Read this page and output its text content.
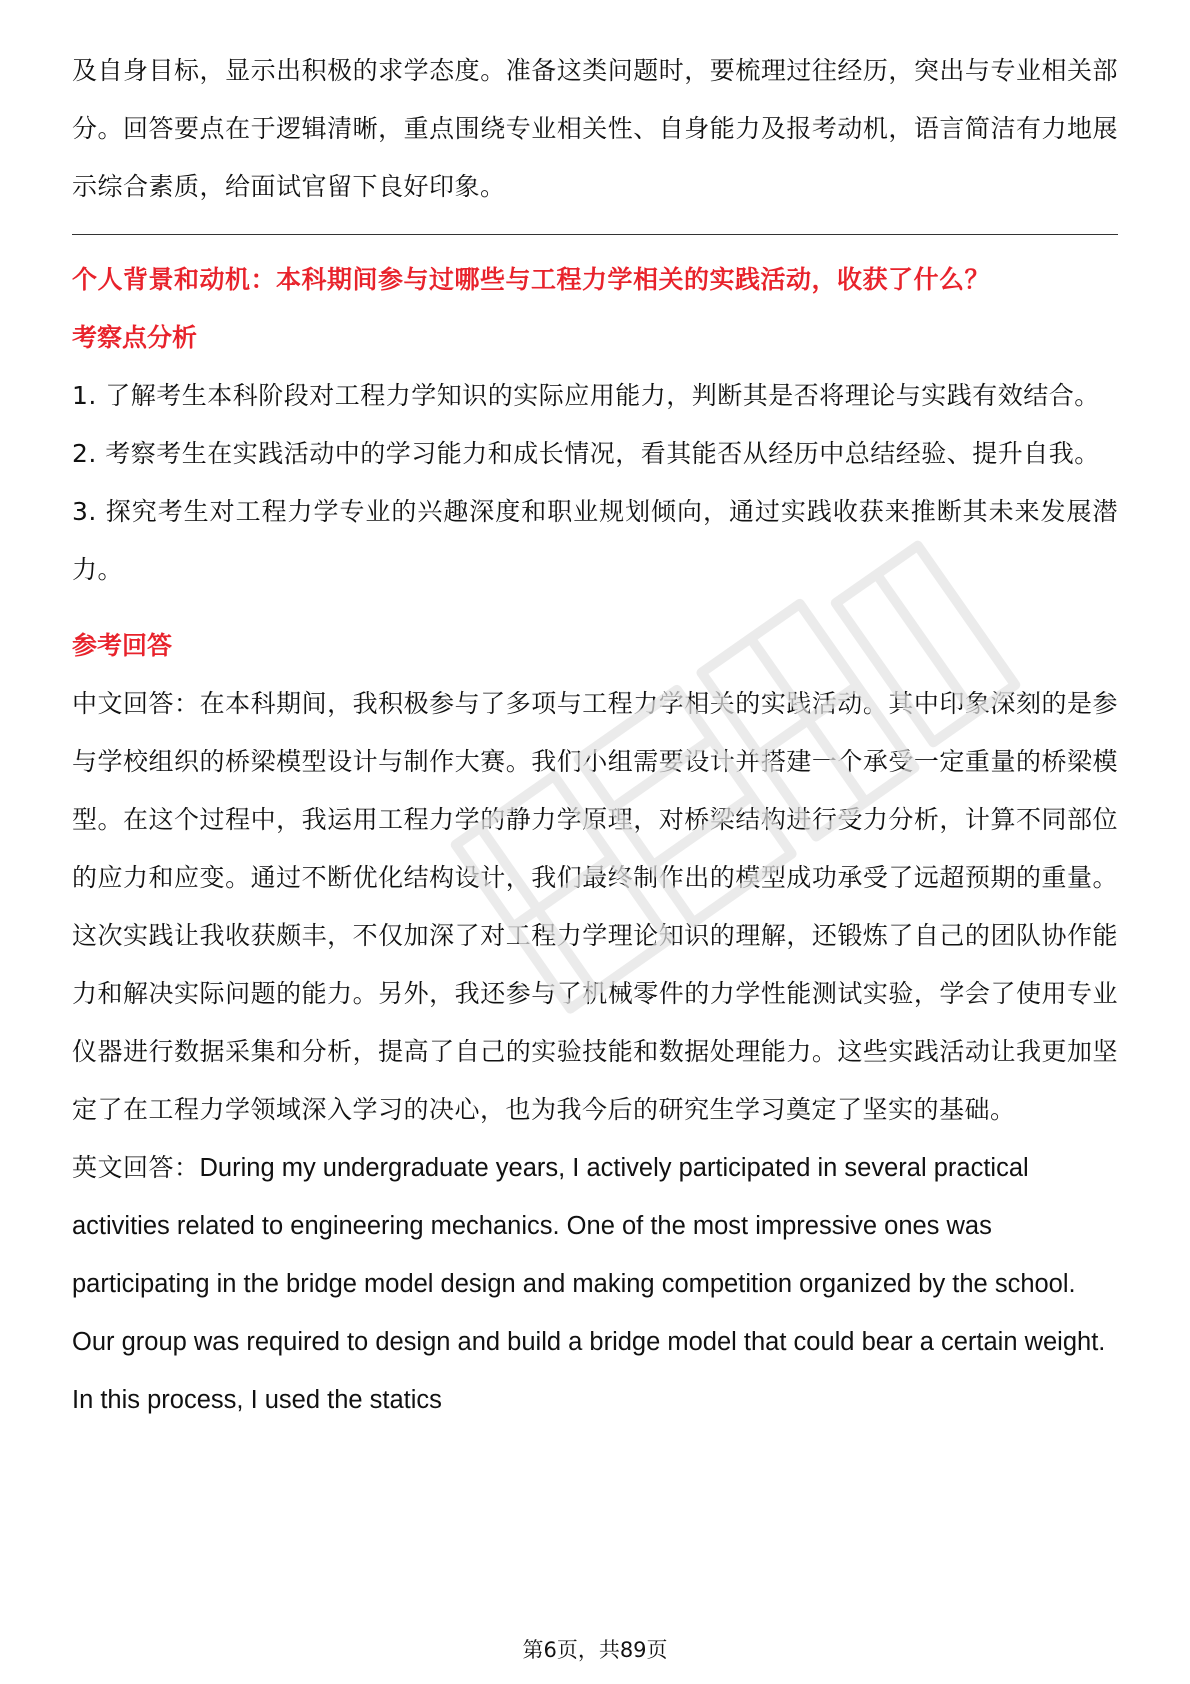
及自身目标，显示出积极的求学态度。准备这类问题时，要梳理过往经历，突出与专业相关部分。回答要点在于逻辑清晰，重点围绕专业相关性、自身能力及报考动机，语言简洁有力地展示综合素质，给面试官留下良好印象。

个人背景和动机：本科期间参与过哪些与工程力学相关的实践活动，收获了什么？

考察点分析

1. 了解考生本科阶段对工程力学知识的实际应用能力，判断其是否将理论与实践有效结合。

2. 考察考生在实践活动中的学习能力和成长情况，看其能否从经历中总结经验、提升自我。

3. 探究考生对工程力学专业的兴趣深度和职业规划倾向，通过实践收获来推断其未来发展潜力。

参考回答

中文回答：在本科期间，我积极参与了多项与工程力学相关的实践活动。其中印象深刻的是参与学校组织的桥梁模型设计与制作大赛。我们小组需要设计并搭建一个承受一定重量的桥梁模型。在这个过程中，我运用工程力学的静力学原理，对桥梁结构进行受力分析，计算不同部位的应力和应变。通过不断优化结构设计，我们最终制作出的模型成功承受了远超预期的重量。这次实践让我收获颇丰，不仅加深了对工程力学理论知识的理解，还锻炼了自己的团队协作能力和解决实际问题的能力。另外，我还参与了机械零件的力学性能测试实验，学会了使用专业仪器进行数据采集和分析，提高了自己的实验技能和数据处理能力。这些实践活动让我更加坚定了在工程力学领域深入学习的决心，也为我今后的研究生学习奠定了坚实的基础。

英文回答：During my undergraduate years, I actively participated in several practical activities related to engineering mechanics. One of the most impressive ones was participating in the bridge model design and making competition organized by the school. Our group was required to design and build a bridge model that could bear a certain weight. In this process, I used the statics

第6页，共89页
